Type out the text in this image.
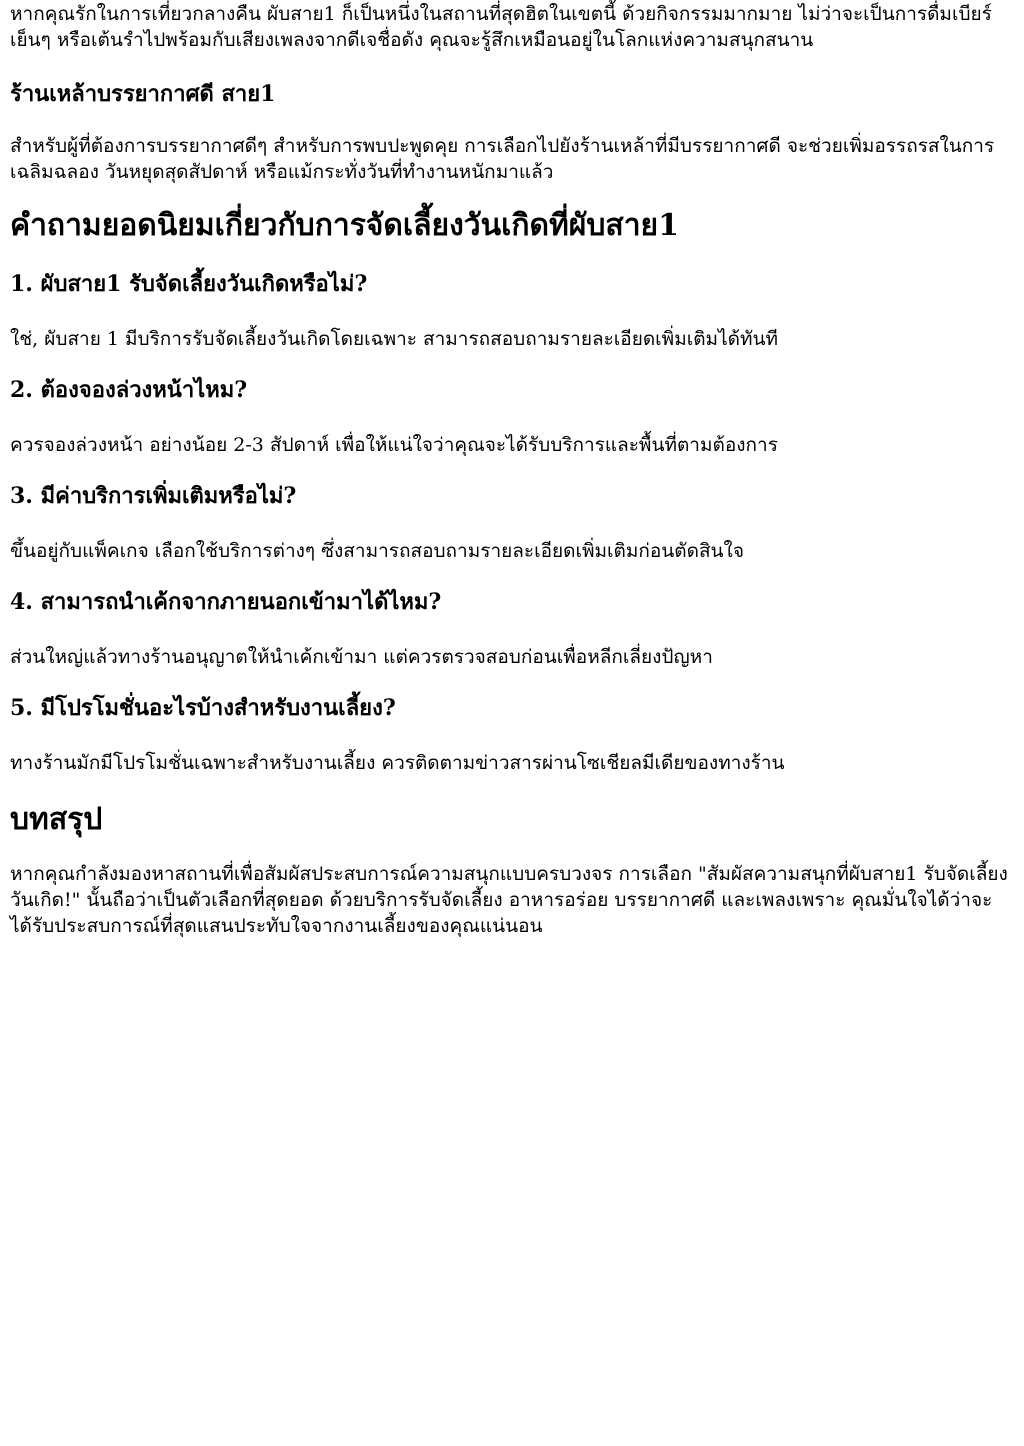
หากคุณรักในการเที่ยวกลางคืน ผับสาย1 ก็เป็นหนึ่งในสถานที่สุดฮิตในเขตนี้ ด้วยกิจกรรมมากมาย ไม่ว่าจะเป็นการดื่มเบียร์เย็นๆ หรือเต้นรำไปพร้อมกับเสียงเพลงจากดีเจชื่อดัง คุณจะรู้สึกเหมือนอยู่ในโลกแห่งความสนุกสนาน

ร้านเหล้าบรรยากาศดี สาย1

สำหรับผู้ที่ต้องการบรรยากาศดีๆ สำหรับการพบปะพูดคุย การเลือกไปยังร้านเหล้าที่มีบรรยากาศดี จะช่วยเพิ่มอรรถรสในการเฉลิมฉลอง วันหยุดสุดสัปดาห์ หรือแม้กระทั่งวันที่ทำงานหนักมาแล้ว

คำถามยอดนิยมเกี่ยวกับการจัดเลี้ยงวันเกิดที่ผับสาย1
1. ผับสาย1 รับจัดเลี้ยงวันเกิดหรือไม่?

ใช่, ผับสาย 1 มีบริการรับจัดเลี้ยงวันเกิดโดยเฉพาะ สามารถสอบถามรายละเอียดเพิ่มเติมได้ทันที

2. ต้องจองล่วงหน้าไหม?

ควรจองล่วงหน้า อย่างน้อย 2-3 สัปดาห์ เพื่อให้แน่ใจว่าคุณจะได้รับบริการและพื้นที่ตามต้องการ

3. มีค่าบริการเพิ่มเติมหรือไม่?

ขึ้นอยู่กับแพ็คเกจ เลือกใช้บริการต่างๆ ซึ่งสามารถสอบถามรายละเอียดเพิ่มเติมก่อนตัดสินใจ

4. สามารถนำเค้กจากภายนอกเข้ามาได้ไหม?

ส่วนใหญ่แล้วทางร้านอนุญาตให้นำเค้กเข้ามา แต่ควรตรวจสอบก่อนเพื่อหลีกเลี่ยงปัญหา

5. มีโปรโมชั่นอะไรบ้างสำหรับงานเลี้ยง?

ทางร้านมักมีโปรโมชั่นเฉพาะสำหรับงานเลี้ยง ควรติดตามข่าวสารผ่านโซเชียลมีเดียของทางร้าน

บทสรุป

หากคุณกำลังมองหาสถานที่เพื่อสัมผัสประสบการณ์ความสนุกแบบครบวงจร การเลือก "สัมผัสความสนุกที่ผับสาย1 รับจัดเลี้ยงวันเกิด!" นั้นถือว่าเป็นตัวเลือกที่สุดยอด ด้วยบริการรับจัดเลี้ยง อาหารอร่อย บรรยากาศดี และเพลงเพราะ คุณมั่นใจได้ว่าจะได้รับประสบการณ์ที่สุดแสนประทับใจจากงานเลี้ยงของคุณแน่นอน
